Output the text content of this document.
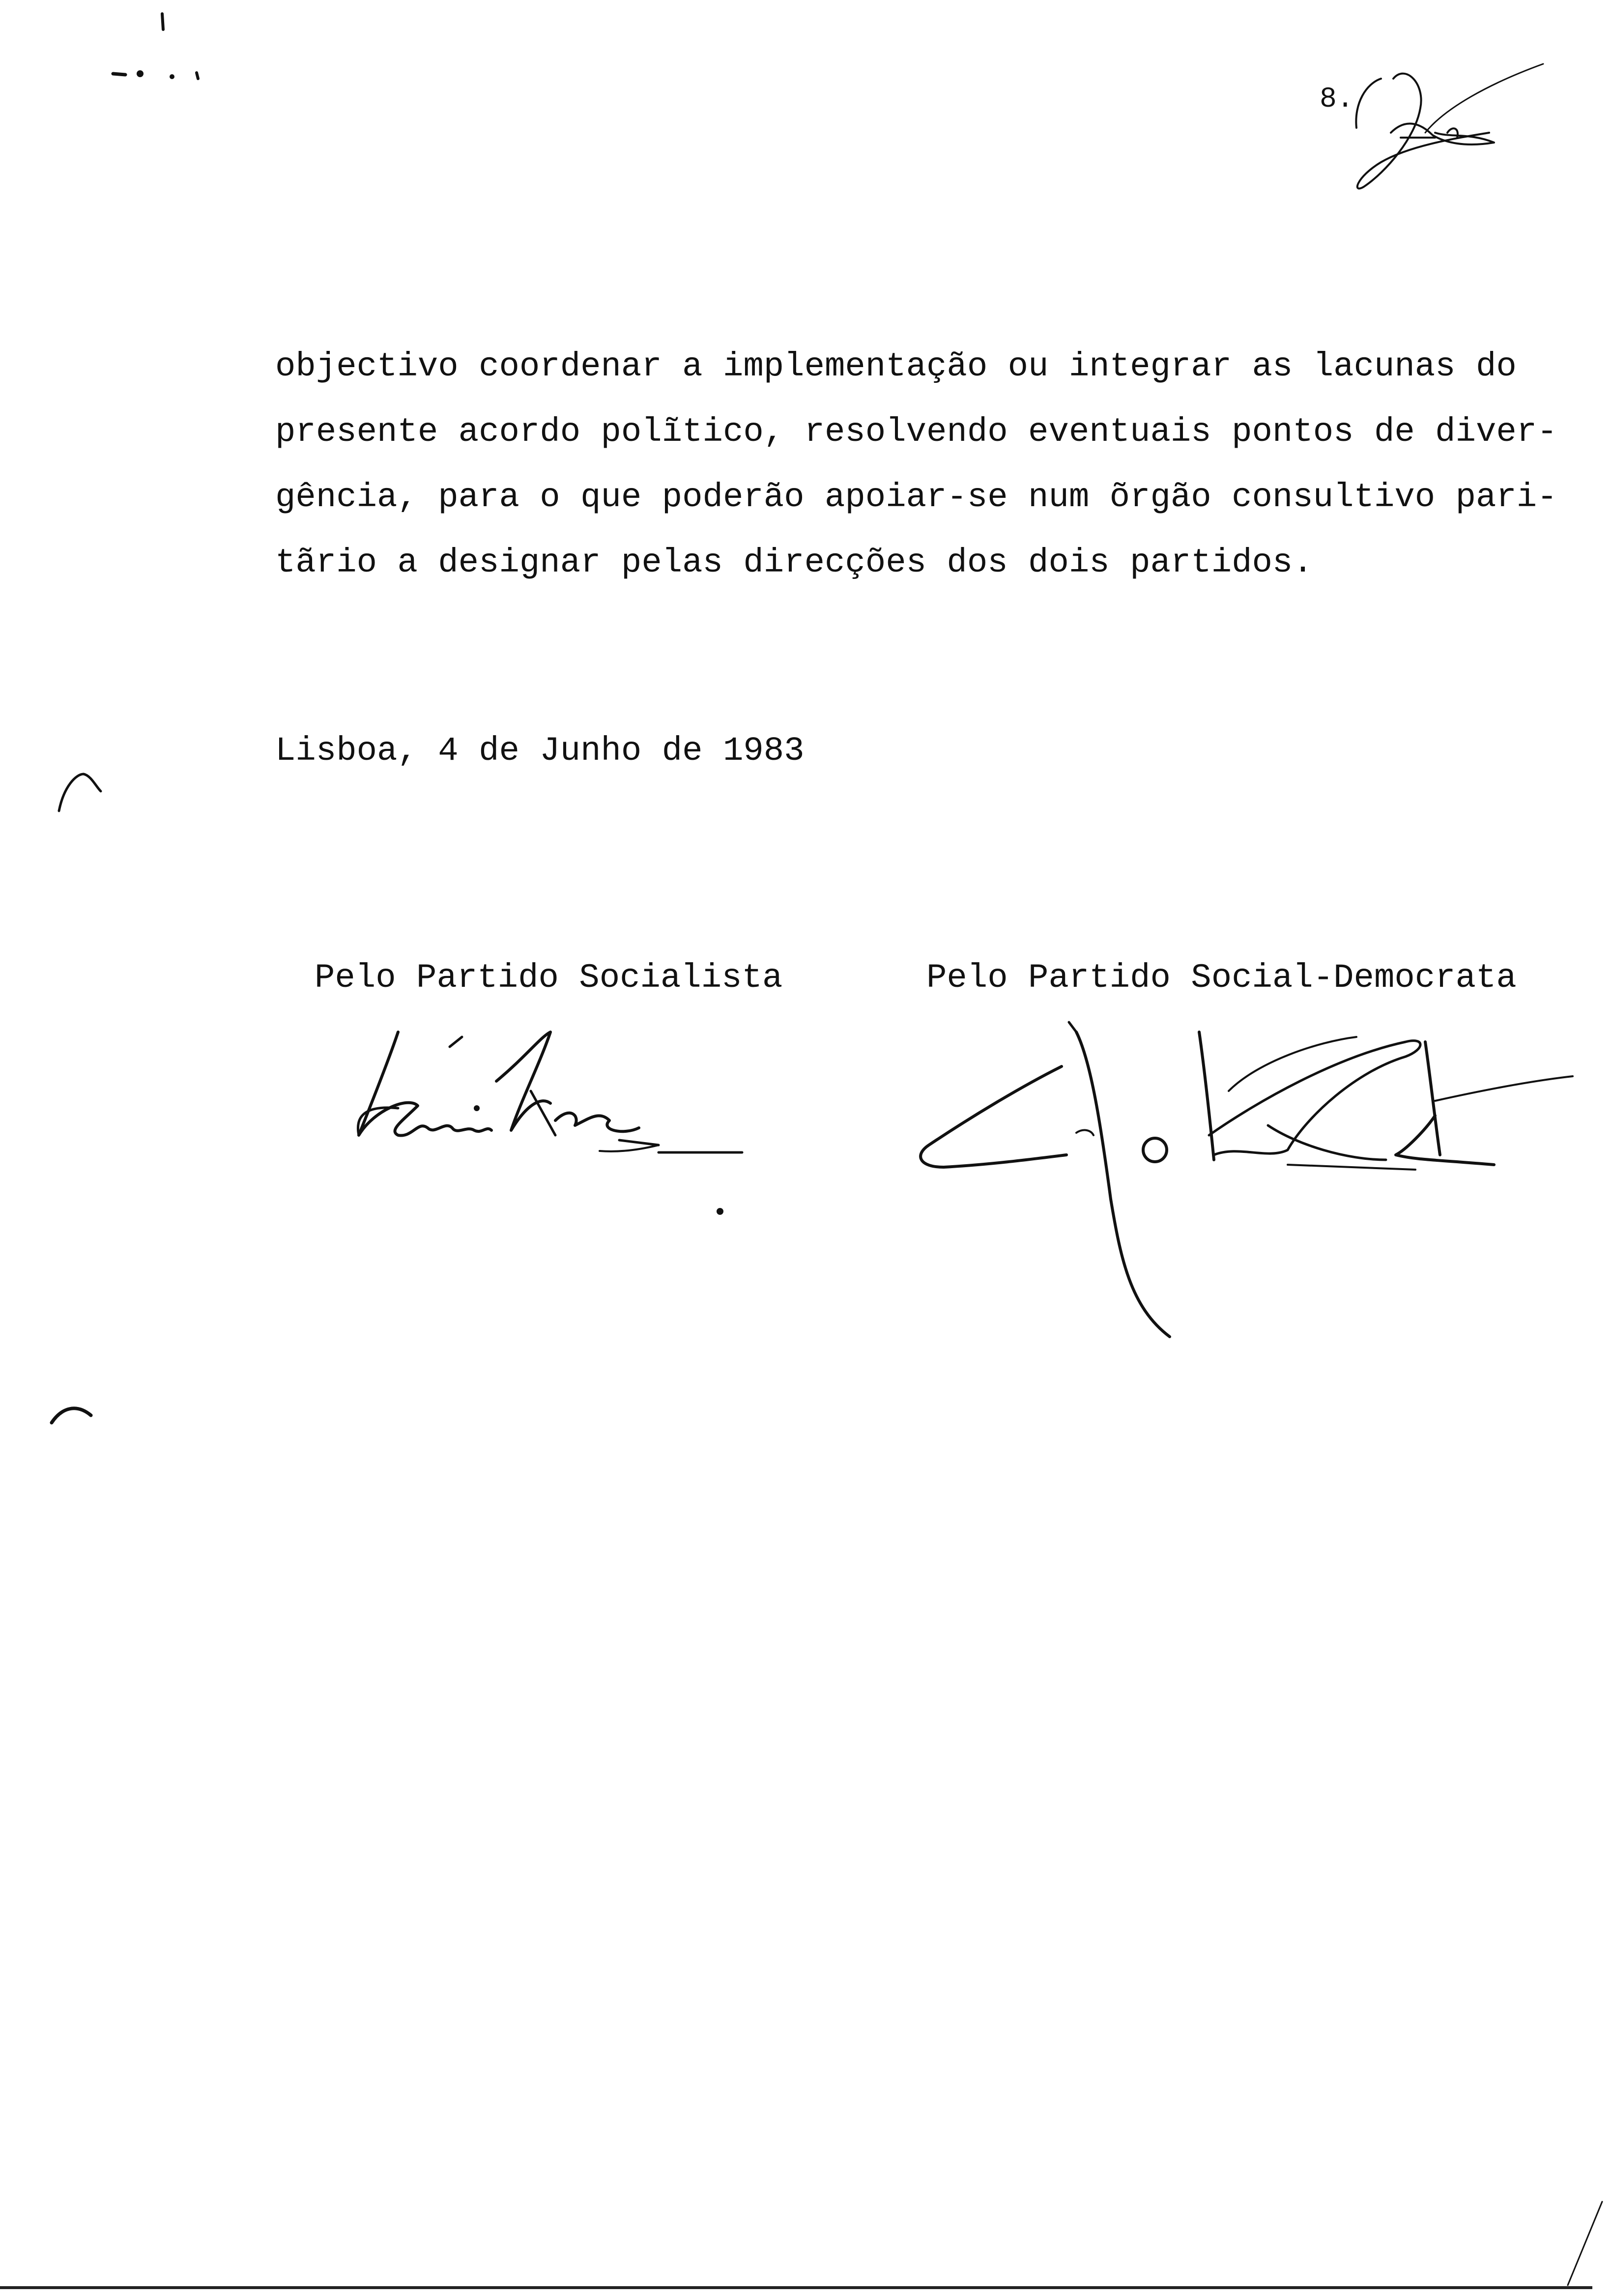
8.
objectivo coordenar a implementação ou integrar as lacunas do
presente acordo polĩtico, resolvendo eventuais pontos de diver-
gência, para o que poderão apoiar-se num õrgão consultivo pari-
tãrio a designar pelas direcções dos dois partidos.
Lisboa, 4 de Junho de 1983
Pelo Partido Socialista	Pelo Partido Social-Democrata
